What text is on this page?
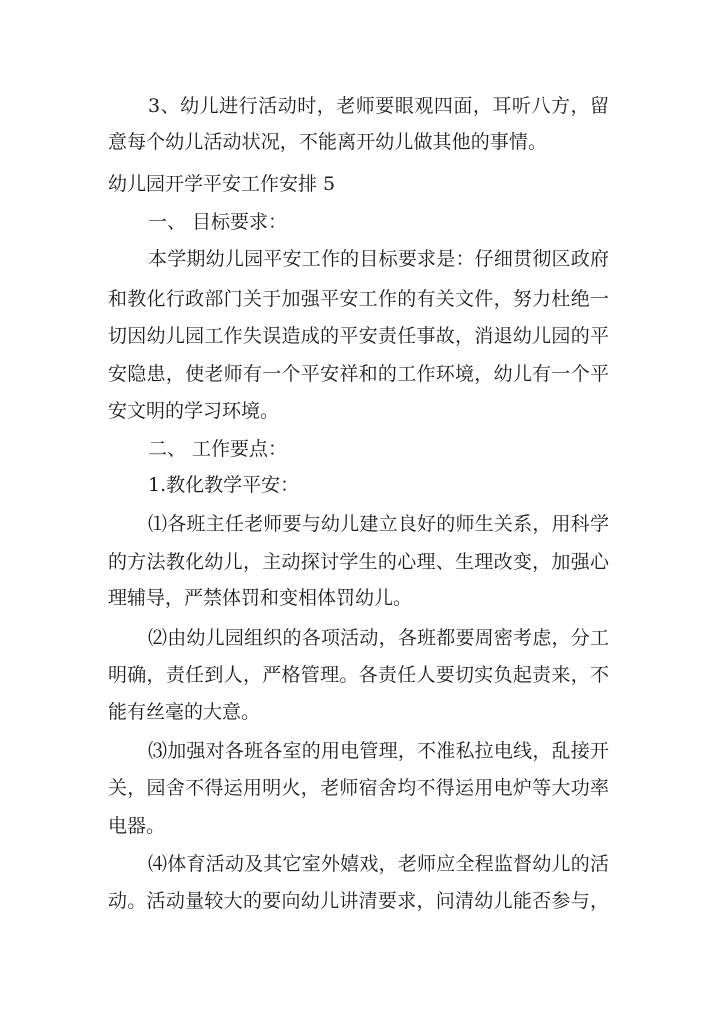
3、幼儿进行活动时，老师要眼观四面，耳听八方，留
意每个幼儿活动状况，不能离开幼儿做其他的事情。
幼儿园开学平安工作安排 5
一、 目标要求：
本学期幼儿园平安工作的目标要求是：仔细贯彻区政府
和教化行政部门关于加强平安工作的有关文件，努力杜绝一
切因幼儿园工作失误造成的平安责任事故，消退幼儿园的平
安隐患，使老师有一个平安祥和的工作环境，幼儿有一个平
安文明的学习环境。
二、 工作要点：
1.教化教学平安：
⑴各班主任老师要与幼儿建立良好的师生关系，用科学
的方法教化幼儿，主动探讨学生的心理、生理改变，加强心
理辅导，严禁体罚和变相体罚幼儿。
⑵由幼儿园组织的各项活动，各班都要周密考虑，分工
明确，责任到人，严格管理。各责任人要切实负起责来，不
能有丝毫的大意。
⑶加强对各班各室的用电管理，不准私拉电线，乱接开
关，园舍不得运用明火，老师宿舍均不得运用电炉等大功率
电器。
⑷体育活动及其它室外嬉戏，老师应全程监督幼儿的活
动。活动量较大的要向幼儿讲清要求，问清幼儿能否参与，
